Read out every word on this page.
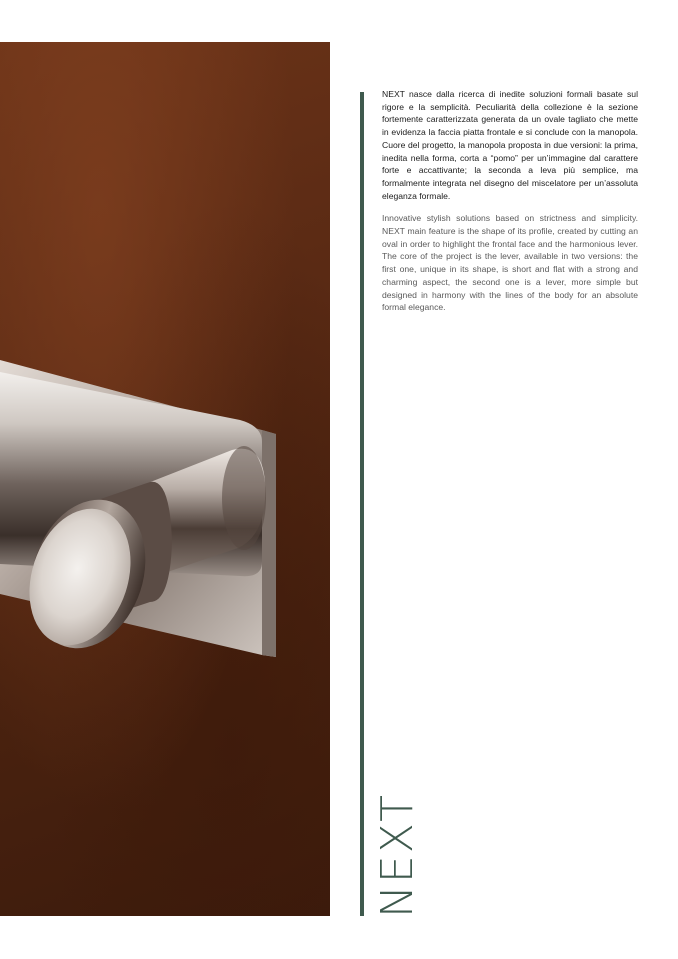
NEXT nasce dalla ricerca di inedite soluzioni formali basate sul rigore e la semplicità. Peculiarità della collezione è la sezione fortemente caratterizzata generata da un ovale tagliato che mette in evidenza la faccia piatta frontale e si conclude con la manopola. Cuore del progetto, la manopola proposta in due versioni: la prima, inedita nella forma, corta a “pomo” per un’immagine dal carattere forte e accattivante; la seconda a leva più semplice, ma formalmente integrata nel disegno del miscelatore per un’assoluta eleganza formale.

Innovative stylish solutions based on strictness and simplicity. NEXT main feature is the shape of its profile, created by cutting an oval in order to highlight the frontal face and the harmonious lever. The core of the project is the lever, available in two versions: the first one, unique in its shape, is short and flat with a strong and charming aspect, the second one is a lever, more simple but designed in harmony with the lines of the body for an absolute formal elegance.

NEXT
